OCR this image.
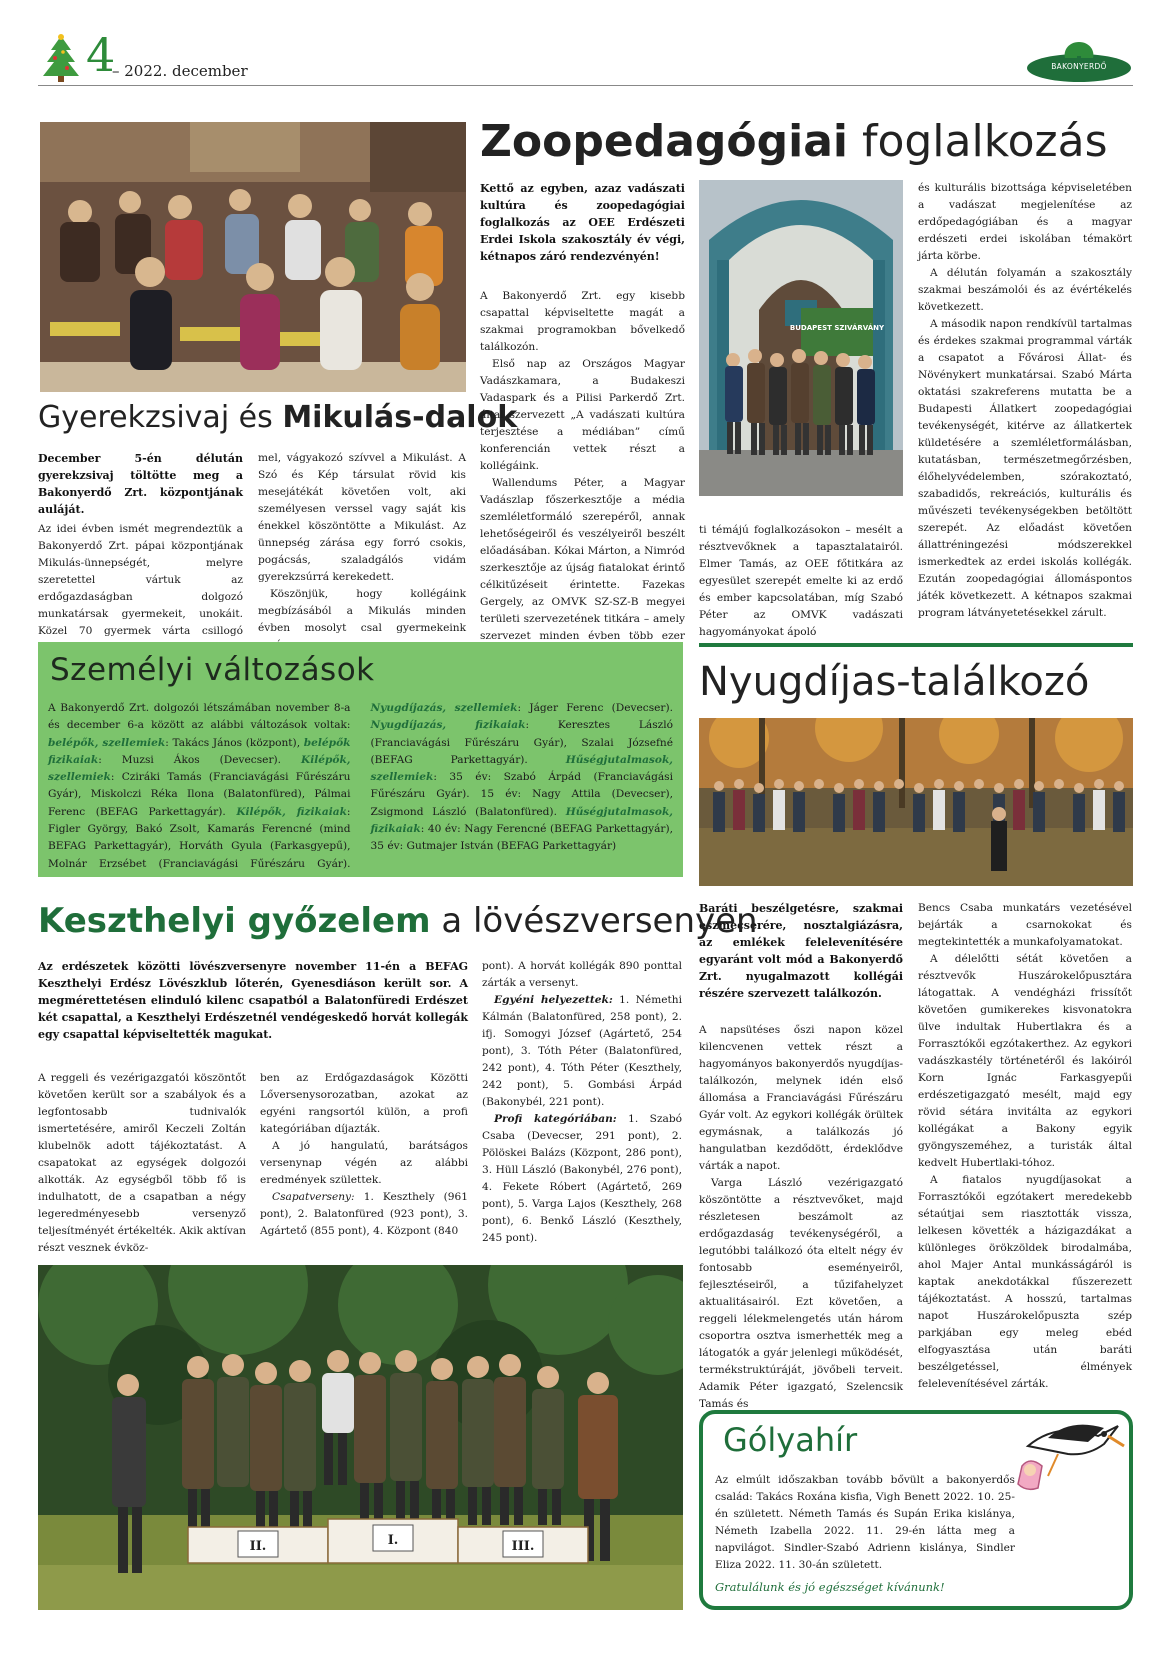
4
– 2022. december	BAKONYERDŐ
Gyerekzsivaj és Mikulás-dalok
December 5-én délután gyerekzsivaj töltötte meg a Bakonyerdő Zrt. központjának auláját.

Az idei évben ismét megrendeztük a Bakonyerdő Zrt. pápai központjának Mikulás-ünnepségét, melyre szeretettel vártuk az erdőgazdaságban dolgozó munkatársak gyermekeit, unokáit. Közel 70 gyermek várta csillogó

mel, vágyakozó szívvel a Mikulást. A Szó és Kép társulat rövid kis mesejátékát követően volt, aki személyesen verssel vagy saját kis énekkel köszöntötte a Mikulást. Az ünnepség zárása egy forró csokis, pogácsás, szaladgálós vidám gyerekzsúrrá kerekedett.

Köszönjük, hogy kollégáink megbízásából a Mikulás minden évben mosolyt csal gyermekeink

Zoopedagógiai foglalkozás
Kettő az egyben, azaz vadászati kultúra és zoopedagógiai foglalkozás az OEE Erdészeti Erdei Iskola szakosztály év végi, kétnapos záró rendezvényén!

A Bakonyerdő Zrt. egy kisebb csapattal képviseltette magát a szakmai programokban bővelkedő találkozón.

Első nap az Országos Magyar Vadászkamara, a Budakeszi Vadaspark és a Pilisi Parkerdő Zrt. által szervezett „A vadászati kultúra terjesztése a médiában” című konferencián vettek részt a kollégáink.

Wallendums Péter, a Magyar Vadászlap főszerkesztője a média szemléletformáló szerepéről, annak lehetőségeiről és veszélyeiről beszélt előadásában. Kókai Márton, a Nimród szerkesztője az újság fiatalokat érintő célkitűzéseit érintette. Fazekas Gergely, az OMVK SZ-SZ-B megyei területi szervezetének titkára – amely szervezet minden évben több ezer

BUDAPEST SZIVÁRVÁNY

ti témájú foglalkozásokon – mesélt a résztvevőknek a tapasztalatairól. Elmer Tamás, az OEE főtitkára az egyesület szerepét emelte ki az erdő és ember kapcsolatában, míg Szabó Péter az OMVK vadászati hagyományokat ápoló

és kulturális bizottsága képviseletében a vadászat megjelenítése az erdőpedagógiában és a magyar erdészeti erdei iskolában témakört járta körbe.

A délután folyamán a szakosztály szakmai beszámolói és az évértékelés következett.

A második napon rendkívül tartalmas és érdekes szakmai programmal várták a csapatot a Fővárosi Állat- és Növénykert munkatársai. Szabó Márta oktatási szakreferens mutatta be a Budapesti Állatkert zoopedagógiai tevékenységét, kitérve az állatkertek küldetésére a szemléletformálásban, kutatásban, természetmegőrzésben, élőhelyvédelemben, szórakoztató, szabadidős, rekreációs, kulturális és művészeti tevékenységekben betöltött szerepét. Az előadást követően állattréningezési módszerekkel ismerkedtek az erdei iskolás kollégák. Ezután zoopedagógiai állomáspontos játék következett. A kétnapos szakmai program látványetetésekkel zárult.

Személyi változások
A Bakonyerdő Zrt. dolgozói létszámában november 8-a és december 6-a között az alábbi változások voltak: belépők, szellemiek: Takács János (központ), belépők fizikaiak: Muzsi Ákos (Devecser). Kilépők, szellemiek: Cziráki Tamás (Franciavágási Fűrészáru Gyár), Miskolczi Réka Ilona (Balatonfüred), Pálmai Ferenc (BEFAG Parkettagyár). Kilépők, fizikaiak: Figler György, Bakó Zsolt, Kamarás Ferencné (mind BEFAG Parkettagyár), Horváth Gyula (Farkasgyepű), Molnár Erzsébet (Franciavágási Fűrészáru Gyár). Nyugdíjazás, szellemiek: Jáger Ferenc (Devecser). Nyugdíjazás, fizikaiak: Keresztes László (Franciavágási Fűrészáru Gyár), Szalai Józsefné (BEFAG Parkettagyár). Hűségjutalmasok, szellemiek: 35 év: Szabó Árpád (Franciavágási Fűrészáru Gyár). 15 év: Nagy Attila (Devecser), Zsigmond László (Balatonfüred). Hűségjutalmasok, fizikaiak: 40 év: Nagy Ferencné (BEFAG Parkettagyár), 35 év: Gutmajer István (BEFAG Parkettagyár)
Nyugdíjas-találkozó
Baráti beszélgetésre, szakmai eszmecserére, nosztalgiázásra, az emlékek felelevenítésére egyaránt volt mód a Bakonyerdő Zrt. nyugalmazott kollégái részére szervezett találkozón.

A napsütéses őszi napon közel kilencvenen vettek részt a hagyományos bakonyerdős nyugdíjas-találkozón, melynek idén első állomása a Franciavágási Fűrészáru Gyár volt. Az egykori kollégák örültek egymásnak, a találkozás jó hangulatban kezdődött, érdeklődve várták a napot.

Varga László vezérigazgató köszöntötte a résztvevőket, majd részletesen beszámolt az erdőgazdaság tevékenységéről, a legutóbbi találkozó óta eltelt négy év fontosabb eseményeiről, fejlesztéseiről, a tűzifahelyzet aktualitásairól. Ezt követően, a reggeli lélekmelengetés után három csoportra osztva ismerhették meg a látogatók a gyár jelenlegi működését, termékstruktúráját, jövőbeli terveit. Adamik Péter igazgató, Szelencsik Tamás és

Bencs Csaba munkatárs vezetésével bejárták a csarnokokat és megtekintették a munkafolyamatokat.

A délelőtti sétát követően a résztvevők Huszárokelőpusztára látogattak. A vendégházi frissítőt követően gumikerekes kisvonatokra ülve indultak Hubertlakra és a Forrasztókői egzótakerthez. Az egykori vadászkastély történetéről és lakóiról Korn Ignác Farkasgyepűi erdészetigazgató mesélt, majd egy rövid sétára invitálta az egykori kollégákat a Bakony egyik gyöngyszeméhez, a turisták által kedvelt Hubertlaki-tóhoz.

A fiatalos nyugdíjasokat a Forrasztókői egzótakert meredekebb sétaútjai sem riasztották vissza, lelkesen követték a házigazdákat a különleges örökzöldek birodalmába, ahol Majer Antal munkásságáról is kaptak anekdotákkal fűszerezett tájékoztatást. A hosszú, tartalmas napot Huszárokelőpuszta szép parkjában egy meleg ebéd elfogyasztása után baráti beszélgetéssel, élmények felelevenítésével zárták.

Keszthelyi győzelem a lövészversenyen
Az erdészetek közötti lövészversenyre november 11-én a BEFAG Keszthelyi Erdész Lövészklub lőterén, Gyenesdiáson került sor. A megmérettetésen elinduló kilenc csapatból a Balatonfüredi Erdészet két csapattal, a Keszthelyi Erdészetnél vendégeskedő horvát kollegák egy csapattal képviseltették magukat.

A reggeli és vezérigazgatói köszöntőt követően került sor a szabályok és a legfontosabb tudnivalók ismertetésére, amiről Keczeli Zoltán klubelnök adott tájékoztatást. A csapatokat az egységek dolgozói alkották. Az egységből több fő is indulhatott, de a csapatban a négy legeredményesebb versenyző teljesítményét értékelték. Akik aktívan részt vesznek évköz-

ben az Erdőgazdaságok Közötti Lőversenysorozatban, azokat az egyéni rangsortól külön, a profi kategóriában díjazták.

A jó hangulatú, barátságos versenynap végén az alábbi eredmények születtek.

Csapatverseny: 1. Keszthely (961 pont), 2. Balatonfüred (923 pont), 3. Agártető (855 pont), 4. Központ (840

pont). A horvát kollégák 890 ponttal zárták a versenyt.

Egyéni helyezettek: 1. Némethi Kálmán (Balatonfüred, 258 pont), 2. ifj. Somogyi József (Agártető, 254 pont), 3. Tóth Péter (Balatonfüred, 242 pont), 4. Tóth Péter (Keszthely, 242 pont), 5. Gombási Árpád (Bakonybél, 221 pont).

Profi kategóriában: 1. Szabó Csaba (Devecser, 291 pont), 2. Pölöskei Balázs (Központ, 286 pont), 3. Hüll László (Bakonybél, 276 pont), 4. Fekete Róbert (Agártető, 269 pont), 5. Varga Lajos (Keszthely, 268 pont), 6. Benkő László (Keszthely, 245 pont).

II.	I.	III.
Gólyahír
Az elmúlt időszakban tovább bővült a bakonyerdős család: Takács Roxána kisfia, Vigh Benett 2022. 10. 25-én született. Németh Tamás és Supán Erika kislánya, Németh Izabella 2022. 11. 29-én látta meg a napvilágot. Sindler-Szabó Adrienn kislánya, Sindler Eliza 2022. 11. 30-án született.
Gratulálunk és jó egészséget kívánunk!
